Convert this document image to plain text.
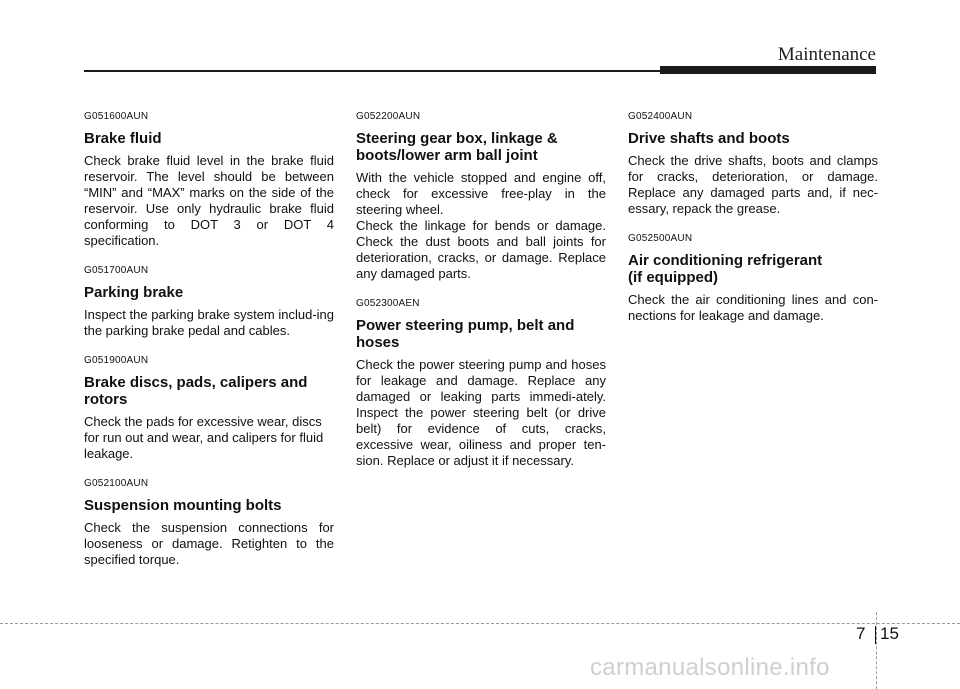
Maintenance
G051600AUN
Brake fluid

Check brake fluid level in the brake fluid reservoir. The level should be between “MIN” and “MAX” marks on the side of the reservoir. Use only hydraulic brake fluid conforming to DOT 3 or DOT 4 specification.

G051700AUN
Parking brake

Inspect the parking brake system includ-ing the parking brake pedal and cables.

G051900AUN
Brake discs, pads, calipers and
rotors

Check the pads for excessive wear, discs for run out and wear, and calipers for fluid leakage.

G052100AUN
Suspension mounting bolts

Check the suspension connections for looseness or damage. Retighten to the specified torque.

G052200AUN
Steering gear box, linkage &
boots/lower arm ball joint

With the vehicle stopped and engine off, check for excessive free-play in the steering wheel.

Check the linkage for bends or damage. Check the dust boots and ball joints for deterioration, cracks, or damage. Replace any damaged parts.

G052300AEN
Power steering pump, belt and
hoses

Check the power steering pump and hoses for leakage and damage. Replace any damaged or leaking parts immedi-ately. Inspect the power steering belt (or drive belt) for evidence of cuts, cracks, excessive wear, oiliness and proper ten-sion. Replace or adjust it if necessary.

G052400AUN
Drive shafts and boots

Check the drive shafts, boots and clamps for cracks, deterioration, or damage. Replace any damaged parts and, if nec-essary, repack the grease.

G052500AUN
Air conditioning refrigerant
(if equipped)

Check the air conditioning lines and con-nections for leakage and damage.

7 15
carmanualsonline.info
